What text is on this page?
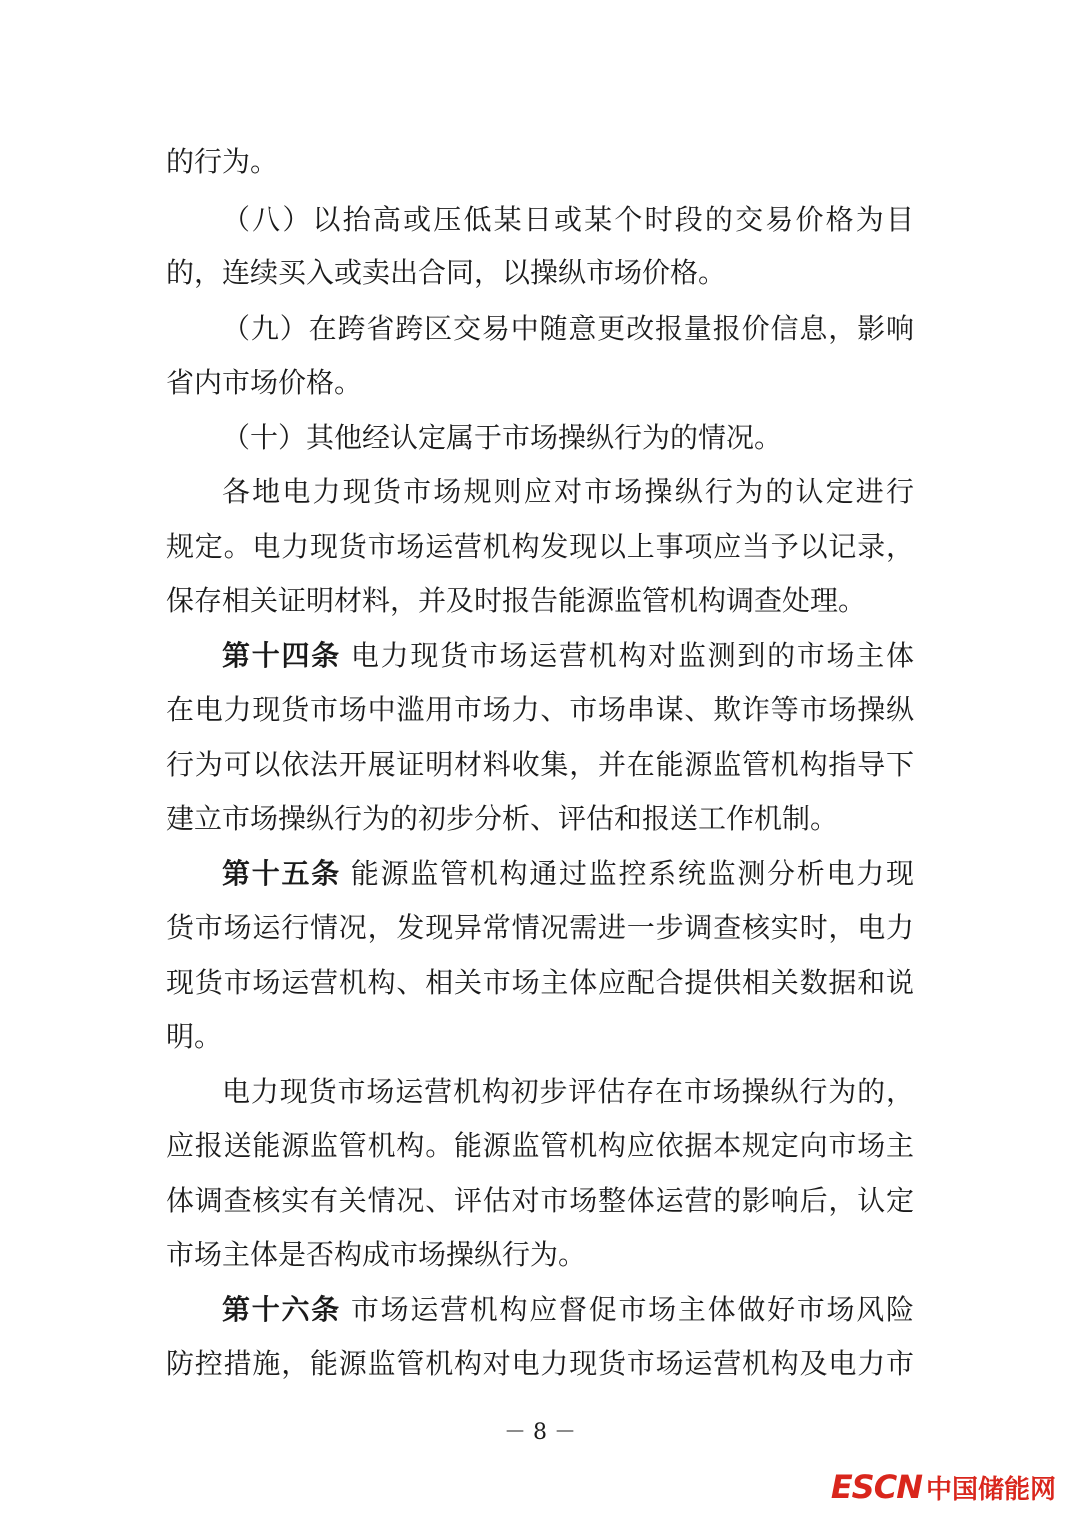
的行为。
（八）以抬高或压低某日或某个时段的交易价格为目
的，连续买入或卖出合同，以操纵市场价格。
（九）在跨省跨区交易中随意更改报量报价信息，影响
省内市场价格。
（十）其他经认定属于市场操纵行为的情况。
各地电力现货市场规则应对市场操纵行为的认定进行
规定。电力现货市场运营机构发现以上事项应当予以记录，
保存相关证明材料，并及时报告能源监管机构调查处理。
第十四条 电力现货市场运营机构对监测到的市场主体
在电力现货市场中滥用市场力、市场串谋、欺诈等市场操纵
行为可以依法开展证明材料收集，并在能源监管机构指导下
建立市场操纵行为的初步分析、评估和报送工作机制。
第十五条 能源监管机构通过监控系统监测分析电力现
货市场运行情况，发现异常情况需进一步调查核实时，电力
现货市场运营机构、相关市场主体应配合提供相关数据和说
明。
电力现货市场运营机构初步评估存在市场操纵行为的，
应报送能源监管机构。能源监管机构应依据本规定向市场主
体调查核实有关情况、评估对市场整体运营的影响后，认定
市场主体是否构成市场操纵行为。
第十六条 市场运营机构应督促市场主体做好市场风险
防控措施，能源监管机构对电力现货市场运营机构及电力市
－ 8 －
ESCN 中国储能网
